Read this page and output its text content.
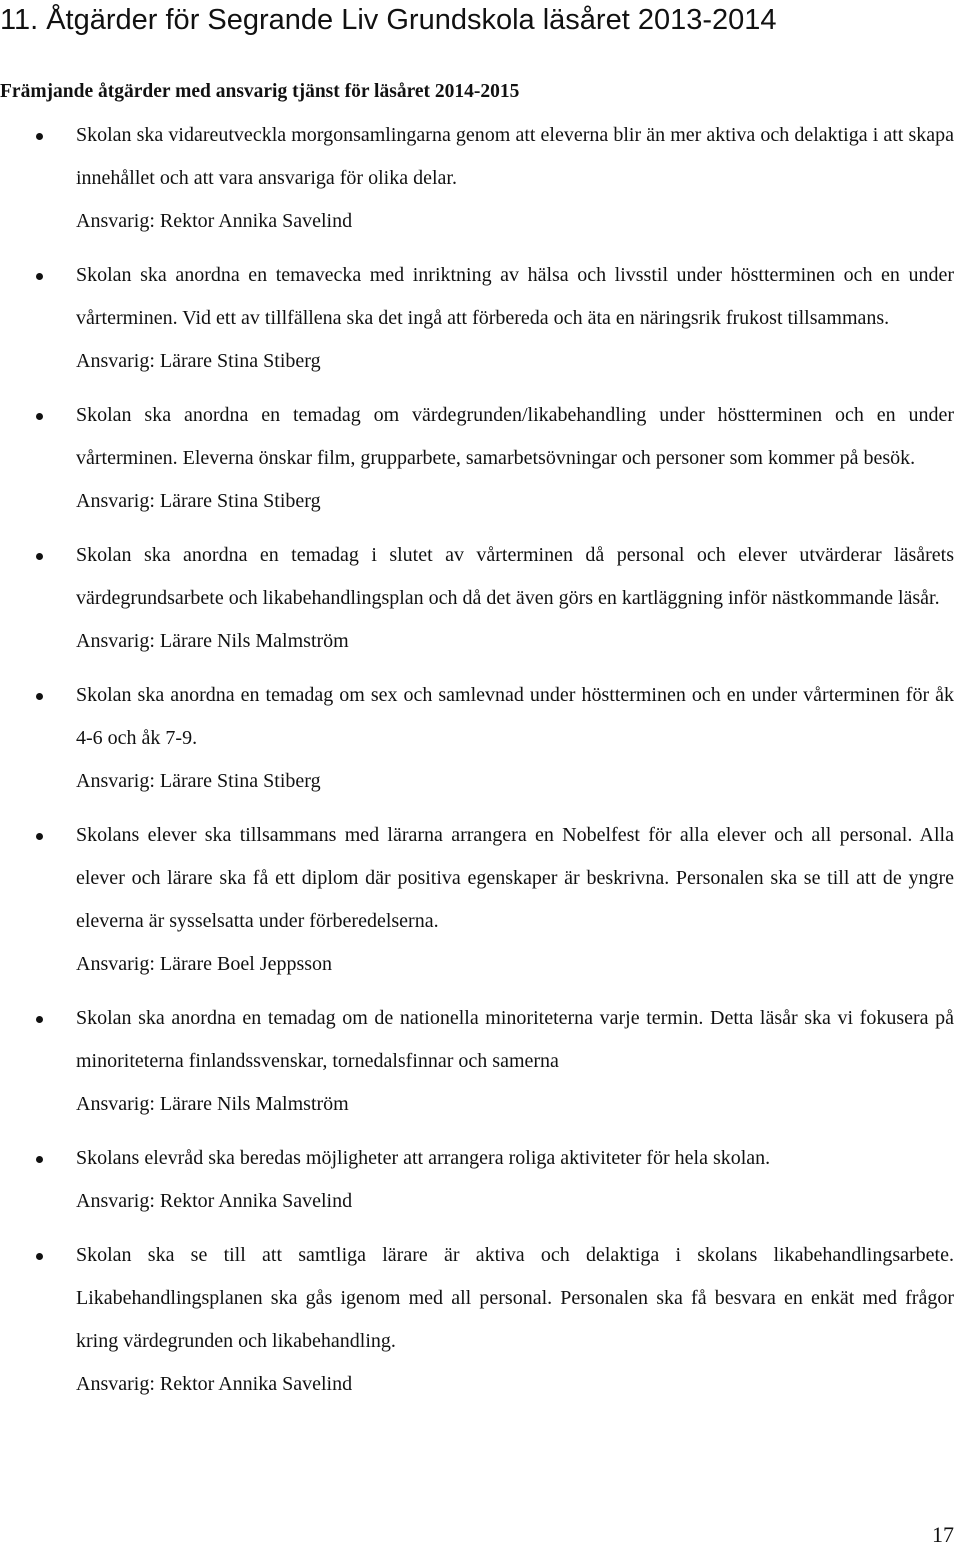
11. Åtgärder för Segrande Liv Grundskola läsåret 2013-2014
Främjande åtgärder med ansvarig tjänst för läsåret 2014-2015
Skolan ska vidareutveckla morgonsamlingarna genom att eleverna blir än mer aktiva och delaktiga i att skapa innehållet och att vara ansvariga för olika delar.
Ansvarig: Rektor Annika Savelind
Skolan ska anordna en temavecka med inriktning av hälsa och livsstil under höstterminen och en under vårterminen. Vid ett av tillfällena ska det ingå att förbereda och äta en näringsrik frukost tillsammans.
Ansvarig: Lärare Stina Stiberg
Skolan ska anordna en temadag om värdegrunden/likabehandling under höstterminen och en under vårterminen. Eleverna önskar film, grupparbete, samarbetsövningar och personer som kommer på besök.
Ansvarig: Lärare Stina Stiberg
Skolan ska anordna en temadag i slutet av vårterminen då personal och elever utvärderar läsårets värdegrundsarbete och likabehandlingsplan och då det även görs en kartläggning inför nästkommande läsår.
Ansvarig: Lärare Nils Malmström
Skolan ska anordna en temadag om sex och samlevnad under höstterminen och en under vårterminen för åk 4-6 och åk 7-9.
Ansvarig: Lärare Stina Stiberg
Skolans elever ska tillsammans med lärarna arrangera en Nobelfest för alla elever och all personal. Alla elever och lärare ska få ett diplom där positiva egenskaper är beskrivna. Personalen ska se till att de yngre eleverna är sysselsatta under förberedelserna.
Ansvarig: Lärare Boel Jeppsson
Skolan ska anordna en temadag om de nationella minoriteterna varje termin. Detta läsår ska vi fokusera på minoriteterna finlandssvenskar, tornedalsfinnar och samerna
Ansvarig: Lärare Nils Malmström
Skolans elevråd ska beredas möjligheter att arrangera roliga aktiviteter för hela skolan.
Ansvarig: Rektor Annika Savelind
Skolan ska se till att samtliga lärare är aktiva och delaktiga i skolans likabehandlingsarbete. Likabehandlingsplanen ska gås igenom med all personal. Personalen ska få besvara en enkät med frågor kring värdegrunden och likabehandling.
Ansvarig: Rektor Annika Savelind
17
